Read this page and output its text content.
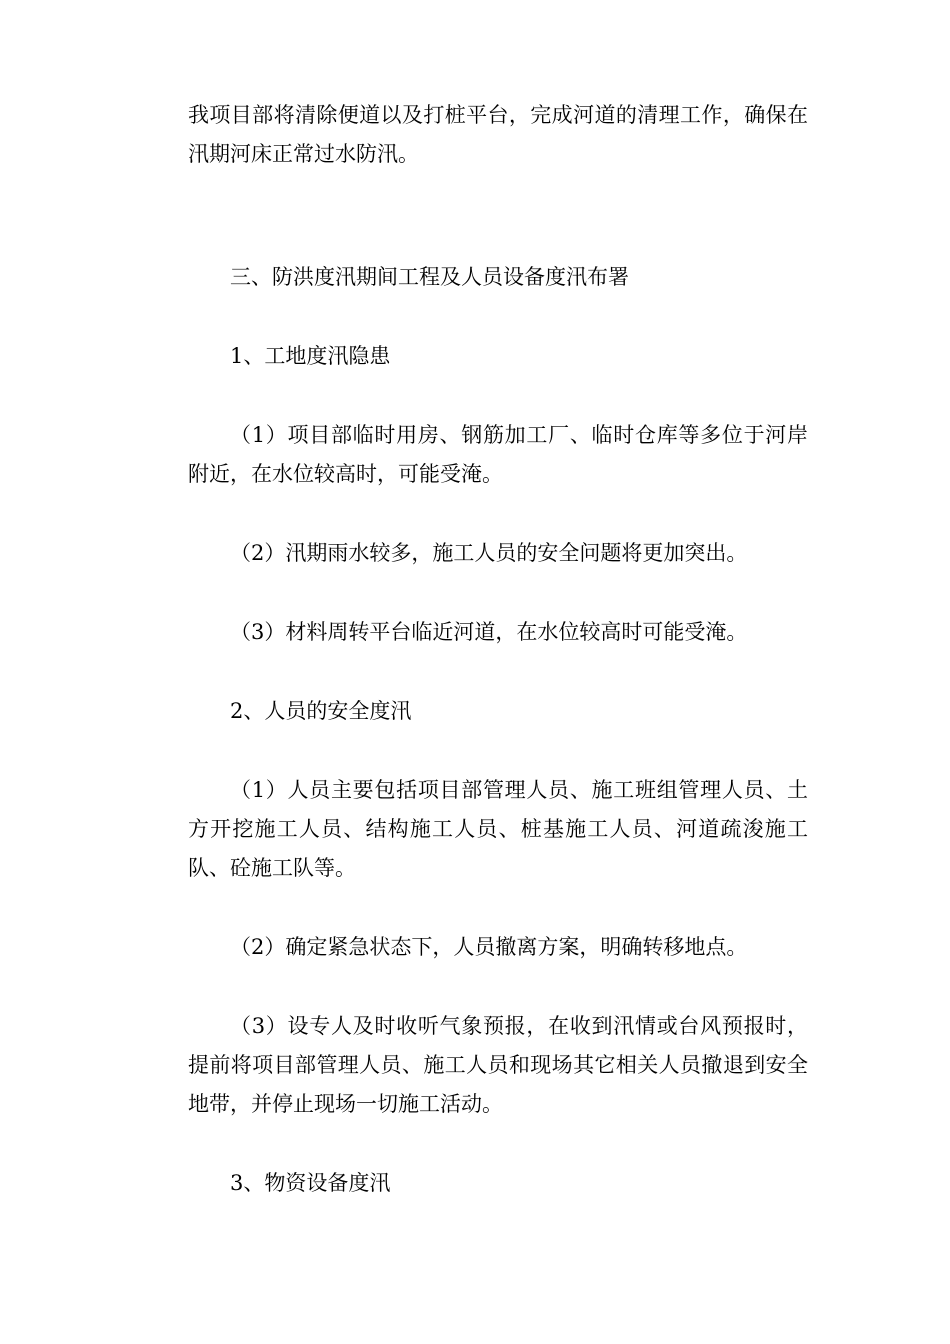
我项目部将清除便道以及打桩平台，完成河道的清理工作，确保在汛期河床正常过水防汛。

三、防洪度汛期间工程及人员设备度汛布署

1、工地度汛隐患

（1）项目部临时用房、钢筋加工厂、临时仓库等多位于河岸附近，在水位较高时，可能受淹。

（2）汛期雨水较多，施工人员的安全问题将更加突出。

（3）材料周转平台临近河道，在水位较高时可能受淹。

2、人员的安全度汛

（1）人员主要包括项目部管理人员、施工班组管理人员、土方开挖施工人员、结构施工人员、桩基施工人员、河道疏浚施工队、砼施工队等。

（2）确定紧急状态下，人员撤离方案，明确转移地点。

（3）设专人及时收听气象预报，在收到汛情或台风预报时，提前将项目部管理人员、施工人员和现场其它相关人员撤退到安全地带，并停止现场一切施工活动。

3、物资设备度汛
